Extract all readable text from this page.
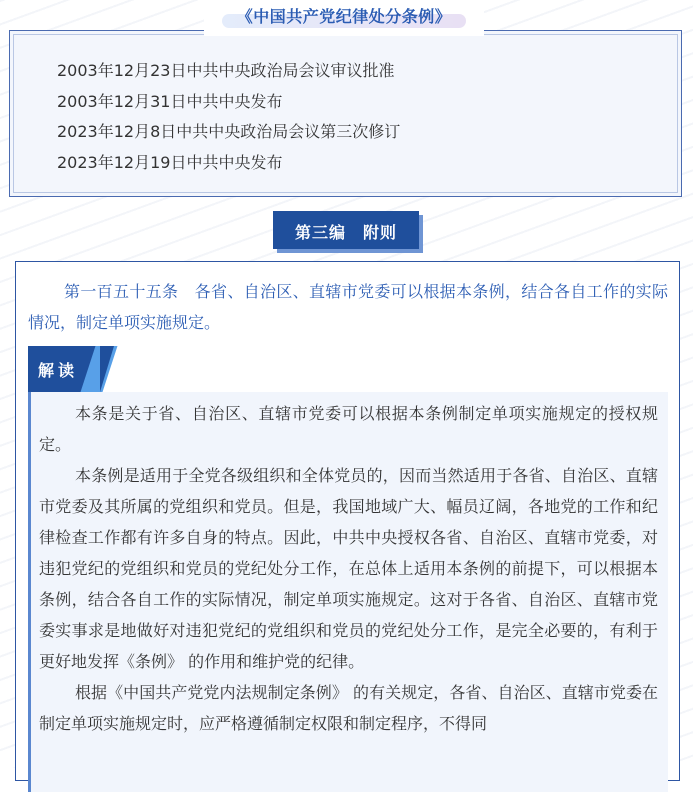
《中国共产党纪律处分条例》
2003年12月23日中共中央政治局会议审议批准
2003年12月31日中共中央发布
2023年12月8日中共中央政治局会议第三次修订
2023年12月19日中共中央发布
第三编　附则
第一百五十五条　各省、自治区、直辖市党委可以根据本条例，结合各自工作的实际情况，制定单项实施规定。
解读

本条是关于省、自治区、直辖市党委可以根据本条例制定单项实施规定的授权规定。

本条例是适用于全党各级组织和全体党员的，因而当然适用于各省、自治区、直辖市党委及其所属的党组织和党员。但是，我国地域广大、幅员辽阔，各地党的工作和纪律检查工作都有许多自身的特点。因此，中共中央授权各省、自治区、直辖市党委，对违犯党纪的党组织和党员的党纪处分工作，在总体上适用本条例的前提下，可以根据本条例，结合各自工作的实际情况，制定单项实施规定。这对于各省、自治区、直辖市党委实事求是地做好对违犯党纪的党组织和党员的党纪处分工作，是完全必要的，有利于更好地发挥《条例》 的作用和维护党的纪律。

根据《中国共产党党内法规制定条例》 的有关规定，各省、自治区、直辖市党委在制定单项实施规定时，应严格遵循制定权限和制定程序，不得同
